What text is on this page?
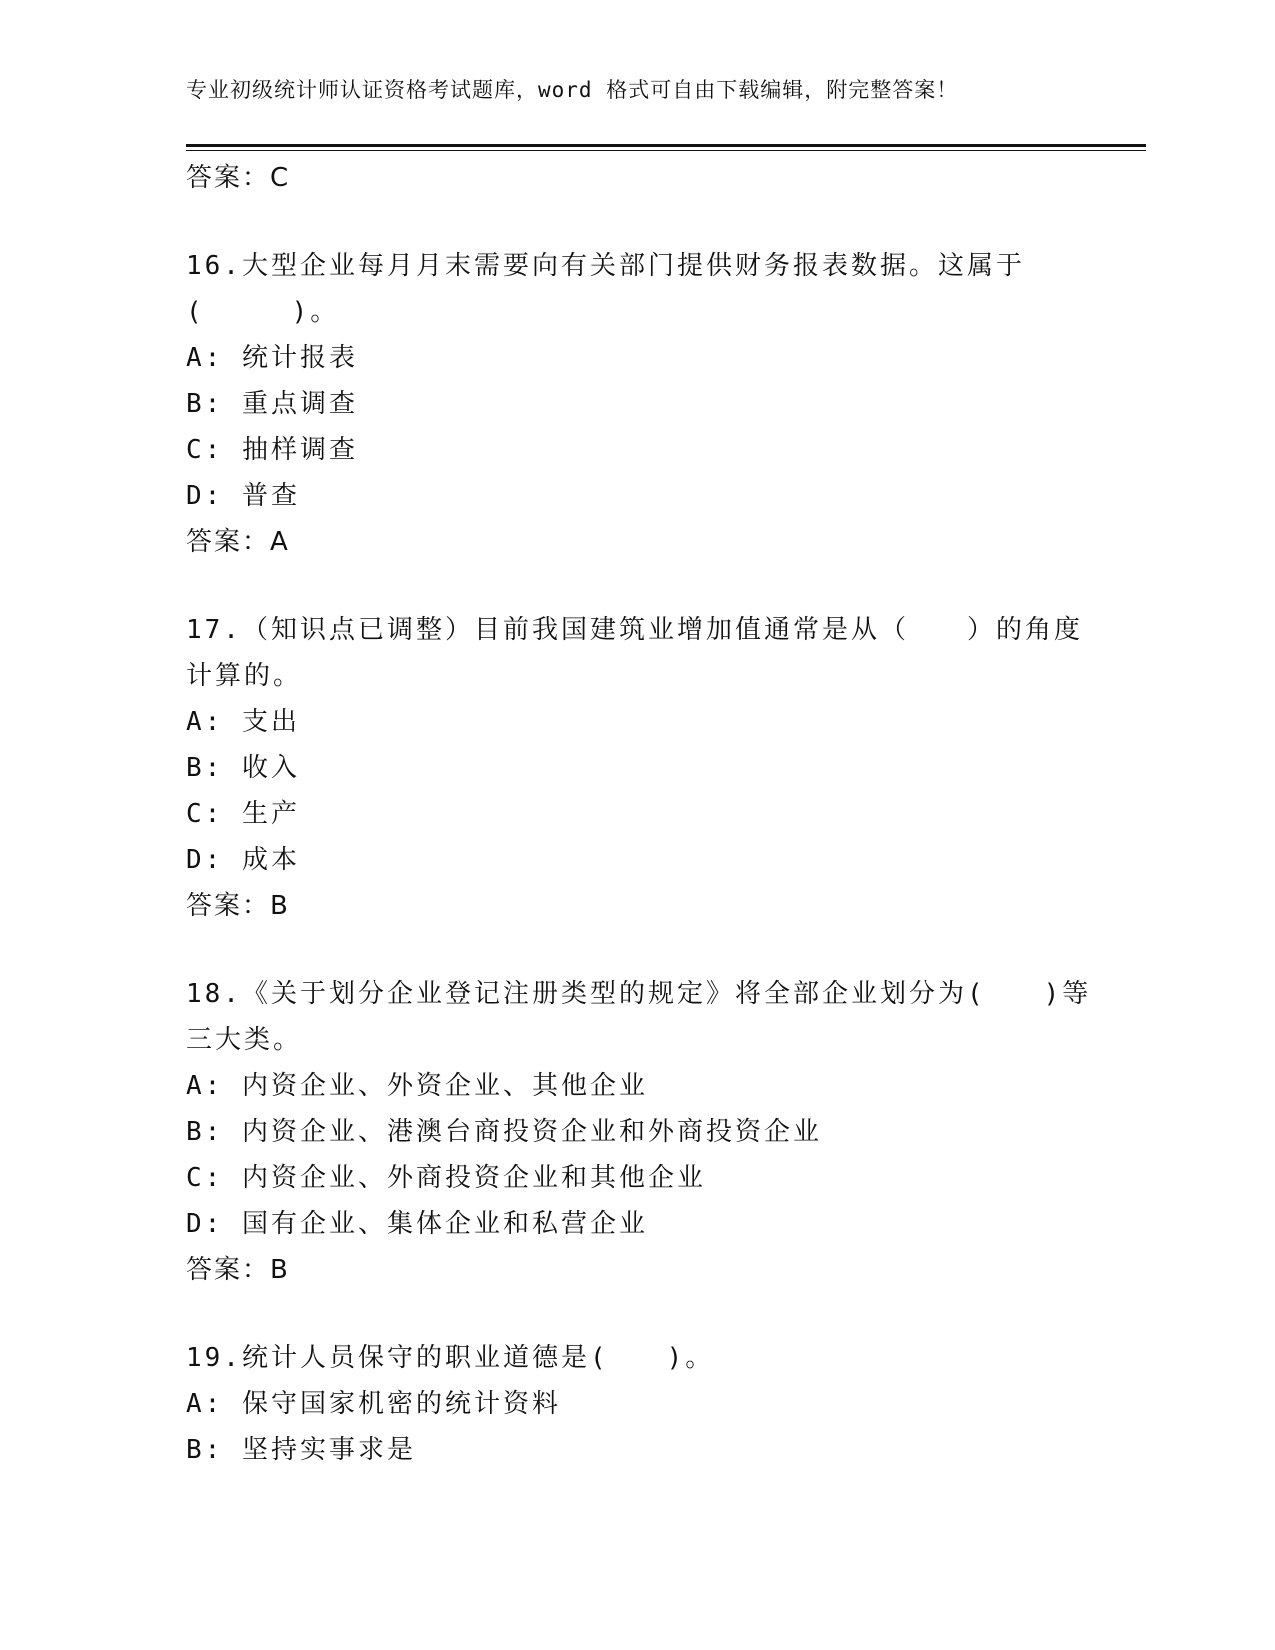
专业初级统计师认证资格考试题库，word 格式可自由下载编辑，附完整答案！
答案：C
16.大型企业每月月末需要向有关部门提供财务报表数据。这属于
(　　　)。
A: 统计报表
B: 重点调查
C: 抽样调查
D: 普查
答案：A
17.（知识点已调整）目前我国建筑业增加值通常是从（　　）的角度
计算的。
A: 支出
B: 收入
C: 生产
D: 成本
答案：B
18.《关于划分企业登记注册类型的规定》将全部企业划分为(　　)等
三大类。
A: 内资企业、外资企业、其他企业
B: 内资企业、港澳台商投资企业和外商投资企业
C: 内资企业、外商投资企业和其他企业
D: 国有企业、集体企业和私营企业
答案：B
19.统计人员保守的职业道德是(　　)。
A: 保守国家机密的统计资料
B: 坚持实事求是
